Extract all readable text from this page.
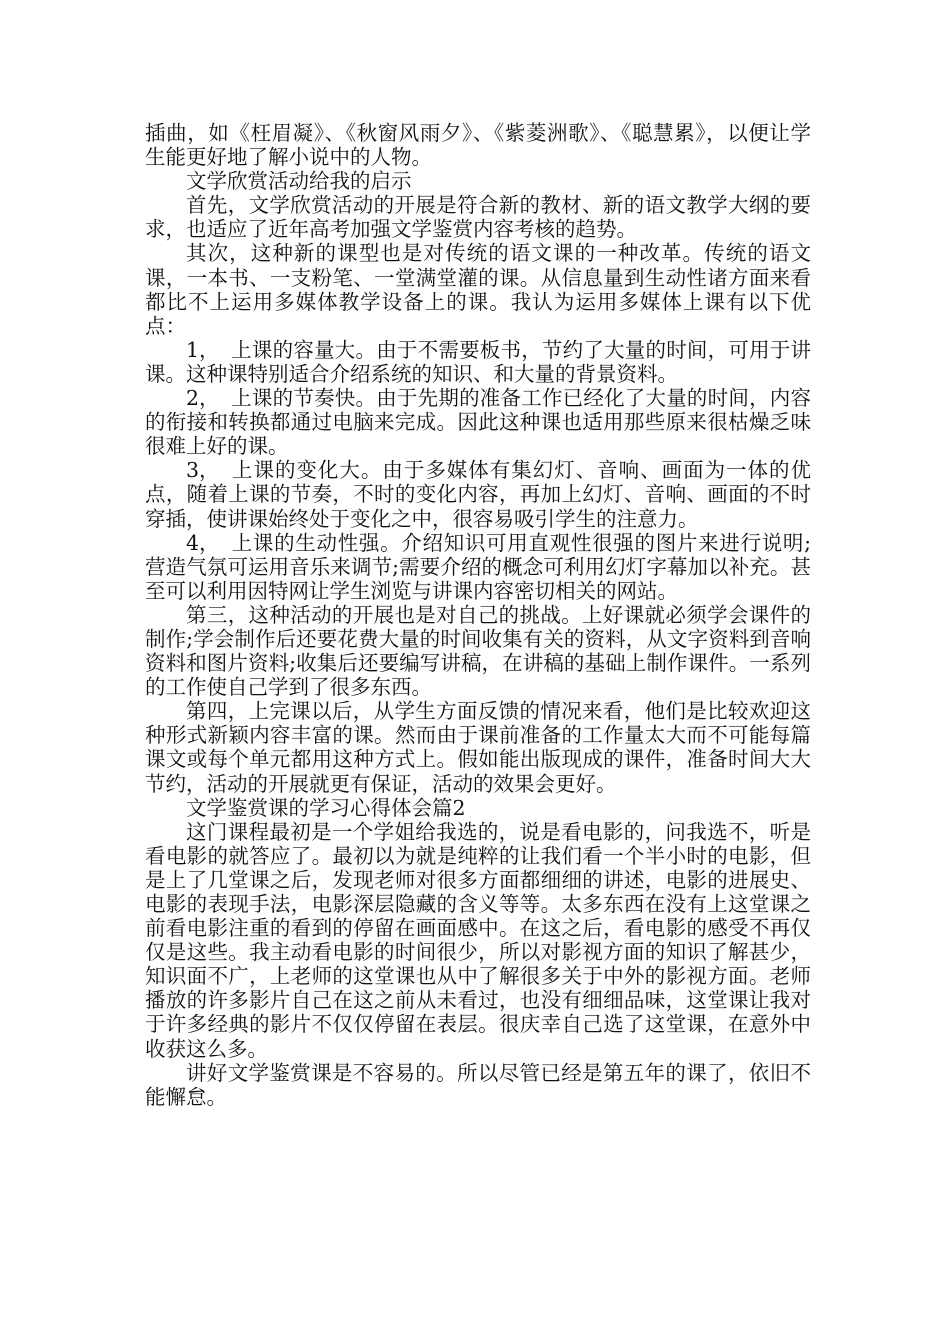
插曲，如《枉眉凝》、《秋窗风雨夕》、《紫菱洲歌》、《聪慧累》，以便让学生能更好地了解小说中的人物。

文学欣赏活动给我的启示

首先，文学欣赏活动的开展是符合新的教材、新的语文教学大纲的要求，也适应了近年高考加强文学鉴赏内容考核的趋势。

其次，这种新的课型也是对传统的语文课的一种改革。传统的语文课，一本书、一支粉笔、一堂满堂灌的课。从信息量到生动性诸方面来看都比不上运用多媒体教学设备上的课。我认为运用多媒体上课有以下优点：

1， 上课的容量大。由于不需要板书，节约了大量的时间，可用于讲课。这种课特别适合介绍系统的知识、和大量的背景资料。

2， 上课的节奏快。由于先期的准备工作已经化了大量的时间，内容的衔接和转换都通过电脑来完成。因此这种课也适用那些原来很枯燥乏味很难上好的课。

3， 上课的变化大。由于多媒体有集幻灯、音响、画面为一体的优点，随着上课的节奏，不时的变化内容，再加上幻灯、音响、画面的不时穿插，使讲课始终处于变化之中，很容易吸引学生的注意力。

4， 上课的生动性强。介绍知识可用直观性很强的图片来进行说明;营造气氛可运用音乐来调节;需要介绍的概念可利用幻灯字幕加以补充。甚至可以利用因特网让学生浏览与讲课内容密切相关的网站。

第三，这种活动的开展也是对自己的挑战。上好课就必须学会课件的制作;学会制作后还要花费大量的时间收集有关的资料，从文字资料到音响资料和图片资料;收集后还要编写讲稿，在讲稿的基础上制作课件。一系列的工作使自己学到了很多东西。

第四，上完课以后，从学生方面反馈的情况来看，他们是比较欢迎这种形式新颖内容丰富的课。然而由于课前准备的工作量太大而不可能每篇课文或每个单元都用这种方式上。假如能出版现成的课件，准备时间大大节约，活动的开展就更有保证，活动的效果会更好。

文学鉴赏课的学习心得体会篇2

这门课程最初是一个学姐给我选的，说是看电影的，问我选不，听是看电影的就答应了。最初以为就是纯粹的让我们看一个半小时的电影，但是上了几堂课之后，发现老师对很多方面都细细的讲述，电影的进展史、电影的表现手法，电影深层隐藏的含义等等。太多东西在没有上这堂课之前看电影注重的看到的停留在画面感中。在这之后，看电影的感受不再仅仅是这些。我主动看电影的时间很少，所以对影视方面的知识了解甚少，知识面不广，上老师的这堂课也从中了解很多关于中外的影视方面。老师播放的许多影片自己在这之前从未看过，也没有细细品味，这堂课让我对于许多经典的影片不仅仅停留在表层。很庆幸自己选了这堂课，在意外中收获这么多。

讲好文学鉴赏课是不容易的。所以尽管已经是第五年的课了，依旧不能懈怠。
